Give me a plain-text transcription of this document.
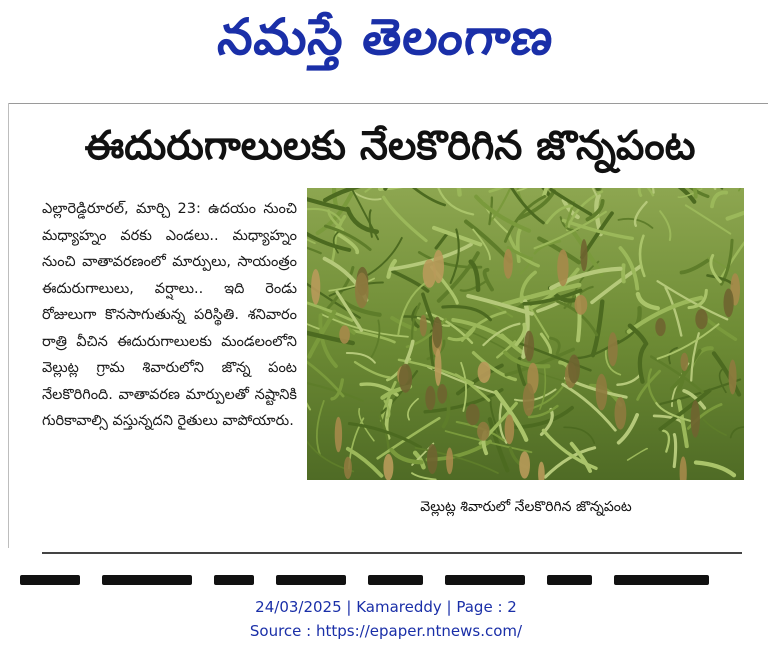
నమస్తే తెలంగాణ
ఈదురుగాలులకు నేలకొరిగిన జొన్నపంట
ఎల్లారెడ్డిరూరల్, మార్చి 23: ఉదయం నుంచి మధ్యాహ్నం వరకు ఎండలు.. మధ్యాహ్నం నుంచి వాతావరణంలో మార్పులు, సాయంత్రం ఈదురుగాలులు, వర్షాలు.. ఇది రెండు రోజులుగా కొనసాగుతున్న పరిస్థితి. శనివారం రాత్రి వీచిన ఈదురుగాలులకు మండలంలోని వెల్లుట్ల గ్రామ శివారులోని జొన్న పంట నేలకొరిగింది. వాతావరణ మార్పులతో నష్టానికి గురికావాల్సి వస్తున్నదని రైతులు వాపోయారు.
వెల్లుట్ల శివారులో నేలకొరిగిన జొన్నపంట
24/03/2025 | Kamareddy | Page : 2
Source : https://epaper.ntnews.com/
